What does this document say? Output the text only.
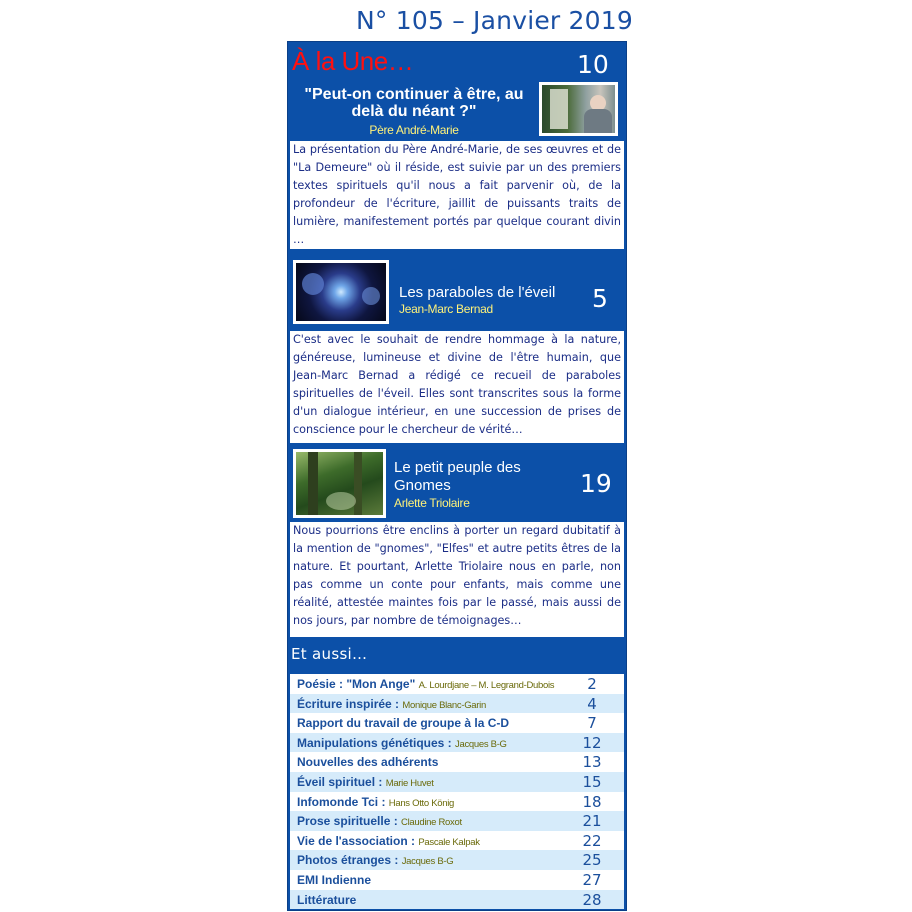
N° 105 – Janvier 2019
À la Une…	10
"Peut-on continuer à être, au delà du néant ?"
Père André-Marie
La présentation du Père André-Marie, de ses œuvres et de "La Demeure" où il réside, est suivie par un des premiers textes spirituels qu'il nous a fait parvenir où, de la profondeur de l'écriture, jaillit de puissants traits de lumière, manifestement portés par quelque courant divin …
Les paraboles de l'éveil
Jean-Marc Bernad	5
C'est avec le souhait de rendre hommage à la nature, généreuse, lumineuse et divine de l'être humain, que Jean-Marc Bernad a rédigé ce recueil de paraboles spirituelles de l'éveil. Elles sont transcrites sous la forme d'un dialogue intérieur, en une succession de prises de conscience pour le chercheur de vérité…
Le petit peuple des Gnomes
Arlette Triolaire
19
Nous pourrions être enclins à porter un regard dubitatif à la mention de "gnomes", "Elfes" et autre petits êtres de la nature. Et pourtant, Arlette Triolaire nous en parle, non pas comme un conte pour enfants, mais comme une réalité, attestée maintes fois par le passé, mais aussi de nos jours, par nombre de témoignages…
Et aussi…
Poésie : "Mon Ange" A. Lourdjane – M. Legrand-Dubois	2
Écriture inspirée : Monique Blanc-Garin	4
Rapport du travail de groupe à la C-D	7
Manipulations génétiques : Jacques B-G	12
Nouvelles des adhérents	13
Éveil spirituel : Marie Huvet	15
Infomonde Tci : Hans Otto König	18
Prose spirituelle : Claudine Roxot	21
Vie de l'association : Pascale Kalpak	22
Photos étranges : Jacques B-G	25
EMI Indienne	27
Littérature	28
